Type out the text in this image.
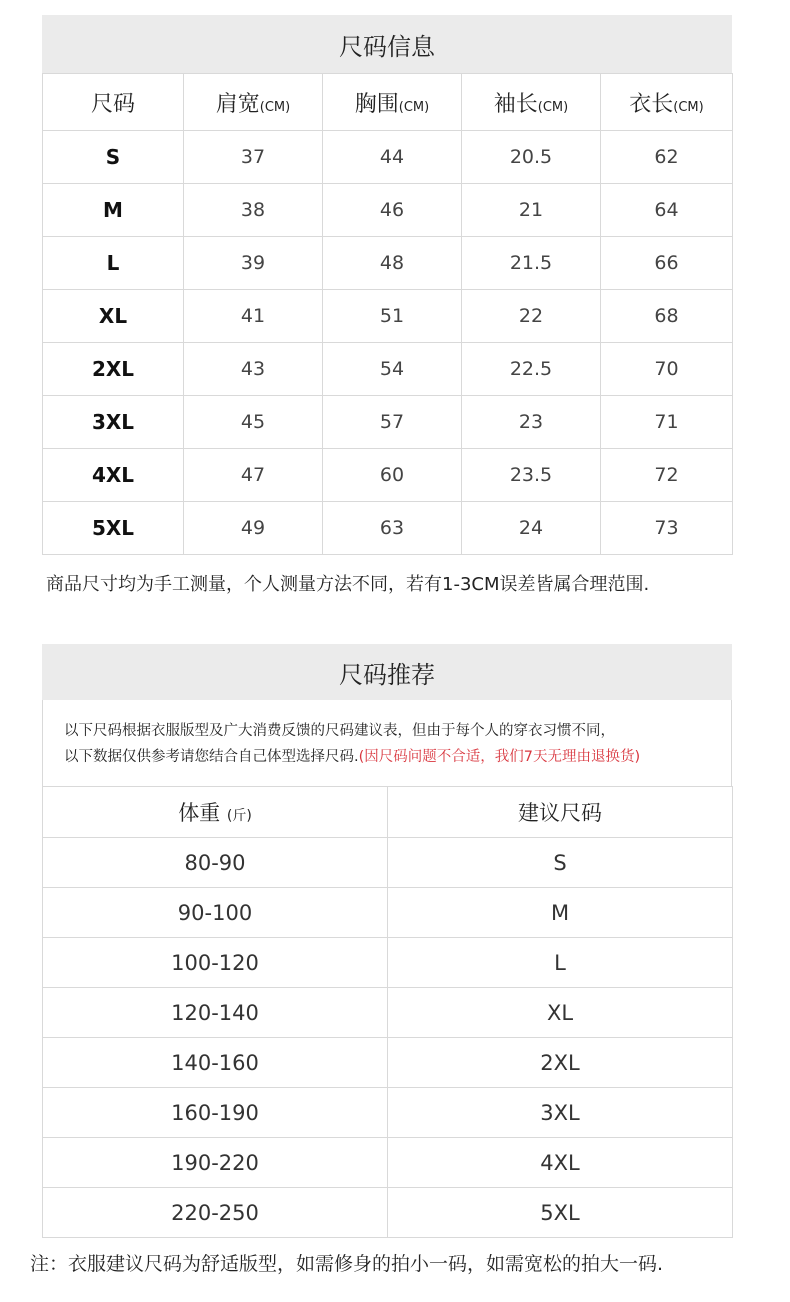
尺码信息
尺码	肩宽(CM)	胸围(CM)	袖长(CM)	衣长(CM)
S	37	44	20.5	62
M	38	46	21	64
L	39	48	21.5	66
XL	41	51	22	68
2XL	43	54	22.5	70
3XL	45	57	23	71
4XL	47	60	23.5	72
5XL	49	63	24	73
商品尺寸均为手工测量，个人测量方法不同，若有1-3CM误差皆属合理范围.
尺码推荐
以下尺码根据衣服版型及广大消费反馈的尺码建议表，但由于每个人的穿衣习惯不同，
以下数据仅供参考请您结合自己体型选择尺码.(因尺码问题不合适，我们7天无理由退换货)
体重 (斤)	建议尺码
80-90	S
90-100	M
100-120	L
120-140	XL
140-160	2XL
160-190	3XL
190-220	4XL
220-250	5XL
注：衣服建议尺码为舒适版型，如需修身的拍小一码，如需宽松的拍大一码.
